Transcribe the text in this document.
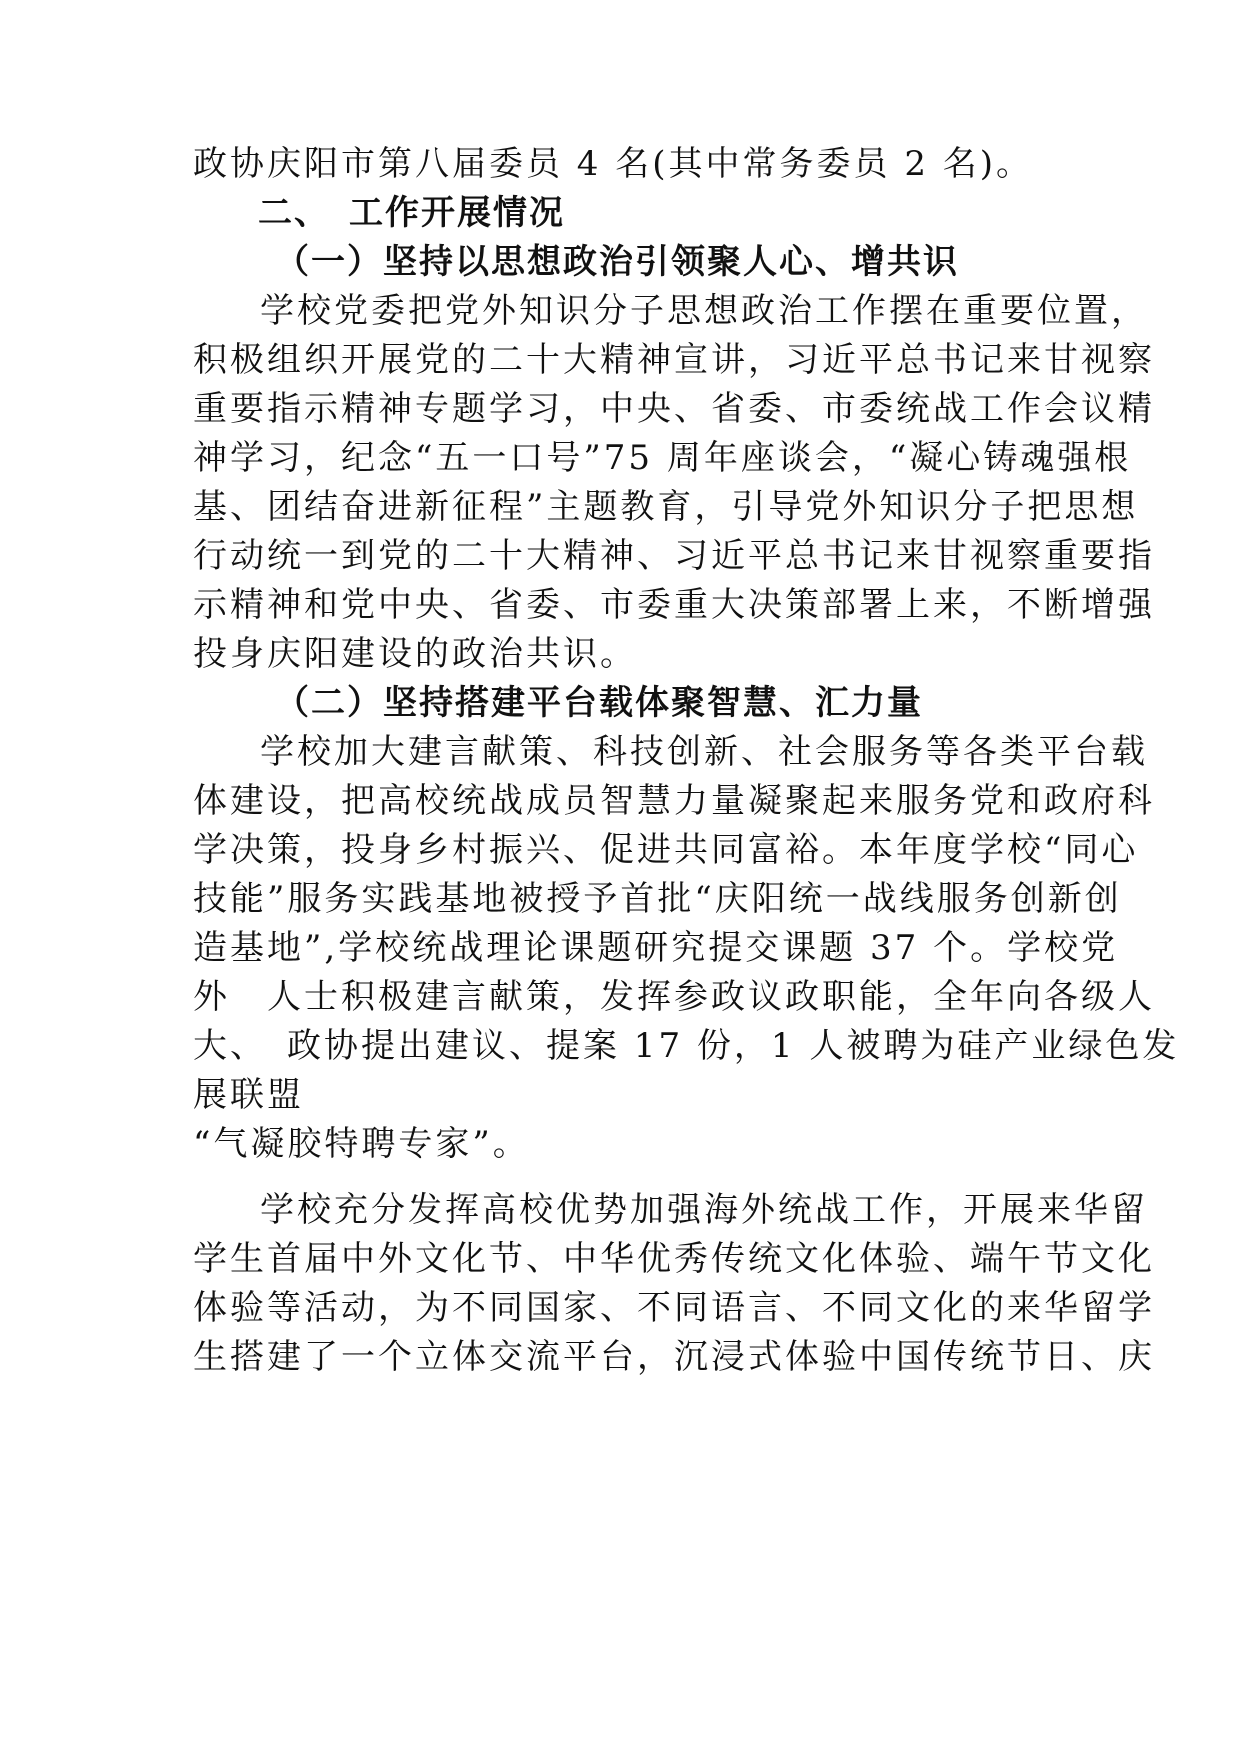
政协庆阳市第八届委员 4 名(其中常务委员 2 名)。
二、　工作开展情况
（一）坚持以思想政治引领聚人心、增共识
学校党委把党外知识分子思想政治工作摆在重要位置，
积极组织开展党的二十大精神宣讲，习近平总书记来甘视察
重要指示精神专题学习，中央、省委、市委统战工作会议精
神学习，纪念“五一口号”75 周年座谈会，“凝心铸魂强根
基、团结奋进新征程”主题教育，引导党外知识分子把思想
行动统一到党的二十大精神、习近平总书记来甘视察重要指
示精神和党中央、省委、市委重大决策部署上来，不断增强
投身庆阳建设的政治共识。
（二）坚持搭建平台载体聚智慧、汇力量
学校加大建言献策、科技创新、社会服务等各类平台载
体建设，把高校统战成员智慧力量凝聚起来服务党和政府科
学决策，投身乡村振兴、促进共同富裕。本年度学校“同心
技能”服务实践基地被授予首批“庆阳统一战线服务创新创
造基地”,学校统战理论课题研究提交课题 37 个。学校党
外　人士积极建言献策，发挥参政议政职能，全年向各级人
大、　政协提出建议、提案 17 份，1 人被聘为硅产业绿色发
展联盟
“气凝胶特聘专家”。
学校充分发挥高校优势加强海外统战工作，开展来华留
学生首届中外文化节、中华优秀传统文化体验、端午节文化
体验等活动，为不同国家、不同语言、不同文化的来华留学
生搭建了一个立体交流平台，沉浸式体验中国传统节日、庆
